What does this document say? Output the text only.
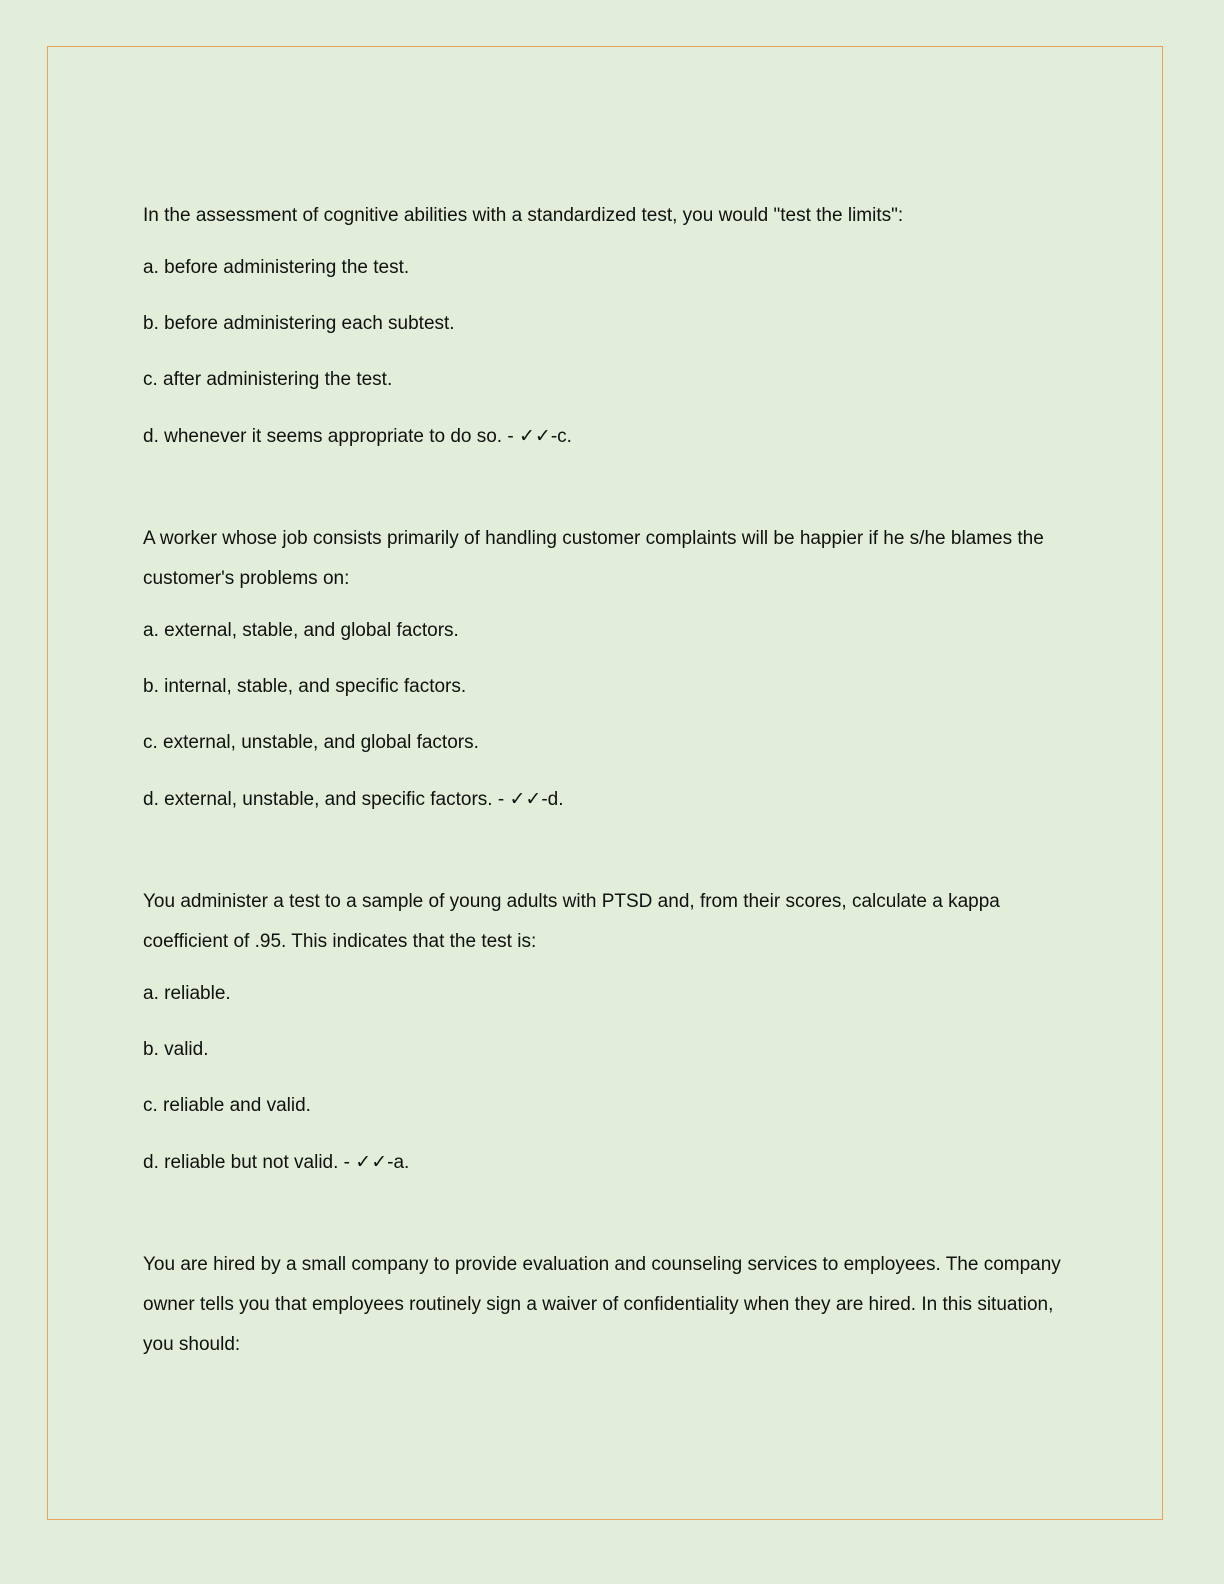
In the assessment of cognitive abilities with a standardized test, you would "test the limits":

a. before administering the test.

b. before administering each subtest.

c. after administering the test.

d. whenever it seems appropriate to do so. - ✓✓-c.

A worker whose job consists primarily of handling customer complaints will be happier if he s/he blames the customer's problems on:

a. external, stable, and global factors.

b. internal, stable, and specific factors.

c. external, unstable, and global factors.

d. external, unstable, and specific factors. - ✓✓-d.

You administer a test to a sample of young adults with PTSD and, from their scores, calculate a kappa coefficient of .95. This indicates that the test is:

a. reliable.

b. valid.

c. reliable and valid.

d. reliable but not valid. - ✓✓-a.

You are hired by a small company to provide evaluation and counseling services to employees. The company owner tells you that employees routinely sign a waiver of confidentiality when they are hired. In this situation, you should:
